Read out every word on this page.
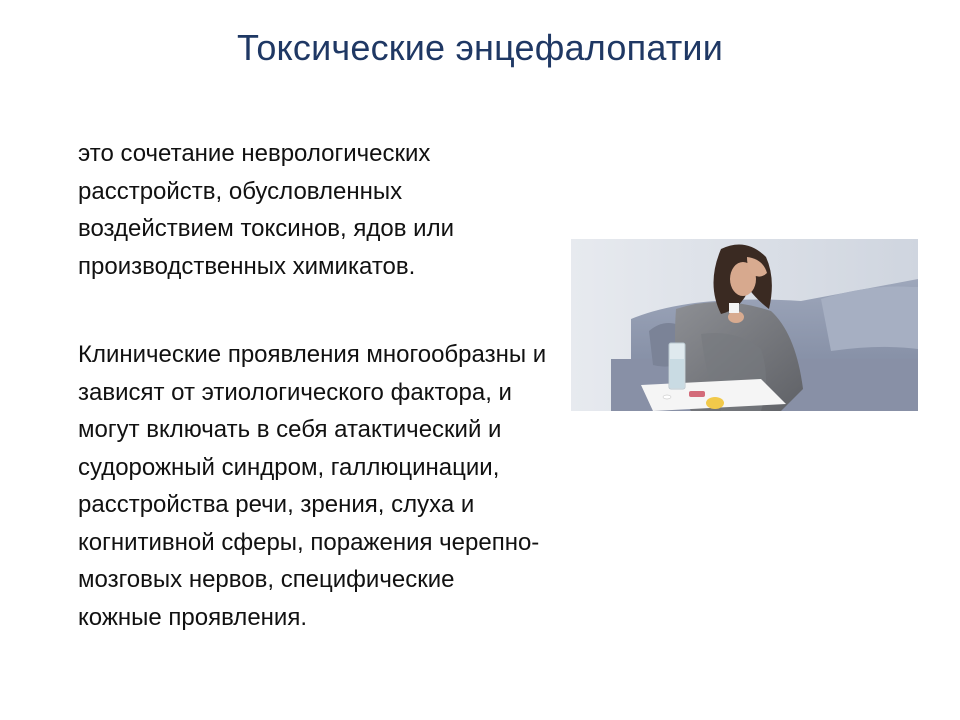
Токсические энцефалопатии

это сочетание неврологических
расстройств, обусловленных
воздействием токсинов, ядов или
производственных химикатов.

Клинические проявления многообразны и
зависят от этиологического фактора, и
могут включать в себя атактический и
судорожный синдром, галлюцинации,
расстройства речи, зрения, слуха и
когнитивной сферы, поражения черепно-
мозговых нервов, специфические
кожные проявления.
